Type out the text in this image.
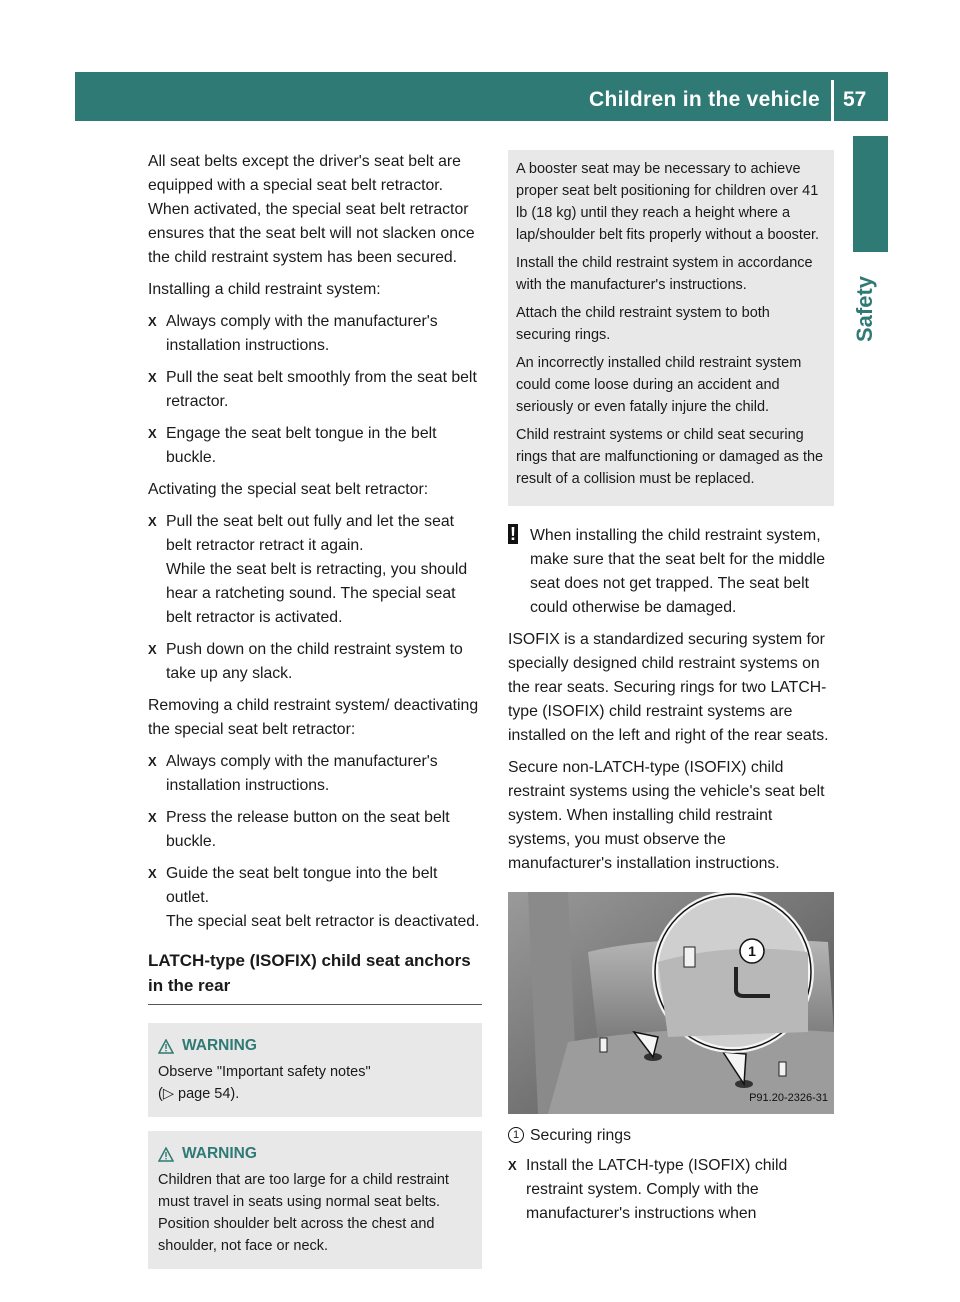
Children in the vehicle 57
Safety

All seat belts except the driver's seat belt are equipped with a special seat belt retractor. When activated, the special seat belt retractor ensures that the seat belt will not slacken once the child restraint system has been secured.

Installing a child restraint system:

X Always comply with the manufacturer's installation instructions.
X Pull the seat belt smoothly from the seat belt retractor.
X Engage the seat belt tongue in the belt buckle.

Activating the special seat belt retractor:

X Pull the seat belt out fully and let the seat belt retractor retract it again.
While the seat belt is retracting, you should hear a ratcheting sound. The special seat belt retractor is activated.
X Push down on the child restraint system to take up any slack.

Removing a child restraint system/ deactivating the special seat belt retractor:

X Always comply with the manufacturer's installation instructions.
X Press the release button on the seat belt buckle.
X Guide the seat belt tongue into the belt outlet.
The special seat belt retractor is deactivated.
LATCH-type (ISOFIX) child seat anchors in the rear
WARNING
Observe "Important safety notes"
(▷ page 54).
WARNING
Children that are too large for a child restraint must travel in seats using normal seat belts. Position shoulder belt across the chest and shoulder, not face or neck.

A booster seat may be necessary to achieve proper seat belt positioning for children over 41 lb (18 kg) until they reach a height where a lap/shoulder belt fits properly without a booster.

Install the child restraint system in accordance with the manufacturer's instructions.

Attach the child restraint system to both securing rings.

An incorrectly installed child restraint system could come loose during an accident and seriously or even fatally injure the child.

Child restraint systems or child seat securing rings that are malfunctioning or damaged as the result of a collision must be replaced.

! When installing the child restraint system, make sure that the seat belt for the middle seat does not get trapped. The seat belt could otherwise be damaged.

ISOFIX is a standardized securing system for specially designed child restraint systems on the rear seats. Securing rings for two LATCH-type (ISOFIX) child restraint systems are installed on the left and right of the rear seats.

Secure non-LATCH-type (ISOFIX) child restraint systems using the vehicle's seat belt system. When installing child restraint systems, you must observe the manufacturer's installation instructions.

1
P91.20-2326-31
1 Securing rings
X Install the LATCH-type (ISOFIX) child restraint system. Comply with the manufacturer's instructions when
